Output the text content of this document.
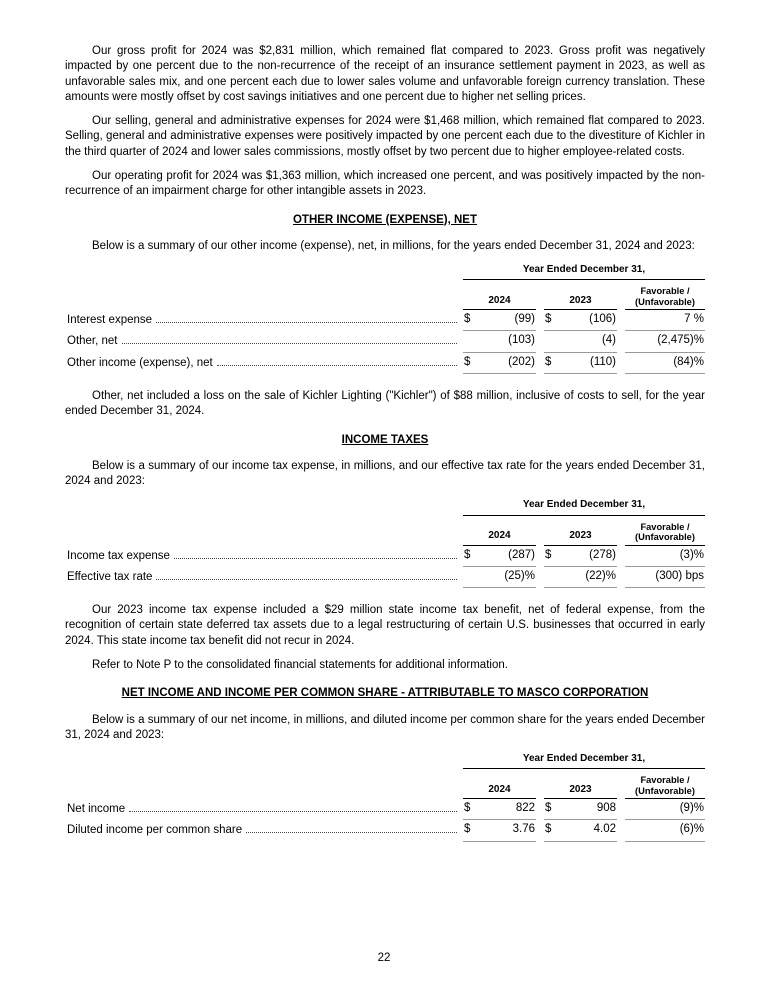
Our gross profit for 2024 was $2,831 million, which remained flat compared to 2023. Gross profit was negatively impacted by one percent due to the non-recurrence of the receipt of an insurance settlement payment in 2023, as well as unfavorable sales mix, and one percent each due to lower sales volume and unfavorable foreign currency translation. These amounts were mostly offset by cost savings initiatives and one percent due to higher net selling prices.

Our selling, general and administrative expenses for 2024 were $1,468 million, which remained flat compared to 2023. Selling, general and administrative expenses were positively impacted by one percent each due to the divestiture of Kichler in the third quarter of 2024 and lower sales commissions, mostly offset by two percent due to higher employee-related costs.

Our operating profit for 2024 was $1,363 million, which increased one percent, and was positively impacted by the non-recurrence of an impairment charge for other intangible assets in 2023.

OTHER INCOME (EXPENSE), NET

Below is a summary of our other income (expense), net, in millions, for the years ended December 31, 2024 and 2023:

Year Ended December 31,
2024	2023
Favorable /
(Unfavorable)
Interest expense	$	(99) $	(106)	7 %
Other, net	(103)	(4)	(2,475)%
Other income (expense), net	$	(202) $	(110)	(84)%

Other, net included a loss on the sale of Kichler Lighting ("Kichler") of $88 million, inclusive of costs to sell, for the year ended December 31, 2024.

INCOME TAXES

Below is a summary of our income tax expense, in millions, and our effective tax rate for the years ended December 31, 2024 and 2023:

Year Ended December 31,
2024	2023
Favorable /
(Unfavorable)
Income tax expense	$	(287) $	(278)	(3)%
Effective tax rate	(25)%	(22)%	(300) bps

Our 2023 income tax expense included a $29 million state income tax benefit, net of federal expense, from the recognition of certain state deferred tax assets due to a legal restructuring of certain U.S. businesses that occurred in early 2024. This state income tax benefit did not recur in 2024.

Refer to Note P to the consolidated financial statements for additional information.

NET INCOME AND INCOME PER COMMON SHARE - ATTRIBUTABLE TO MASCO CORPORATION

Below is a summary of our net income, in millions, and diluted income per common share for the years ended December 31, 2024 and 2023:

Year Ended December 31,
2024	2023
Favorable /
(Unfavorable)
Net income	$	822 $	908	(9)%
Diluted income per common share	$	3.76 $	4.02	(6)%
22
